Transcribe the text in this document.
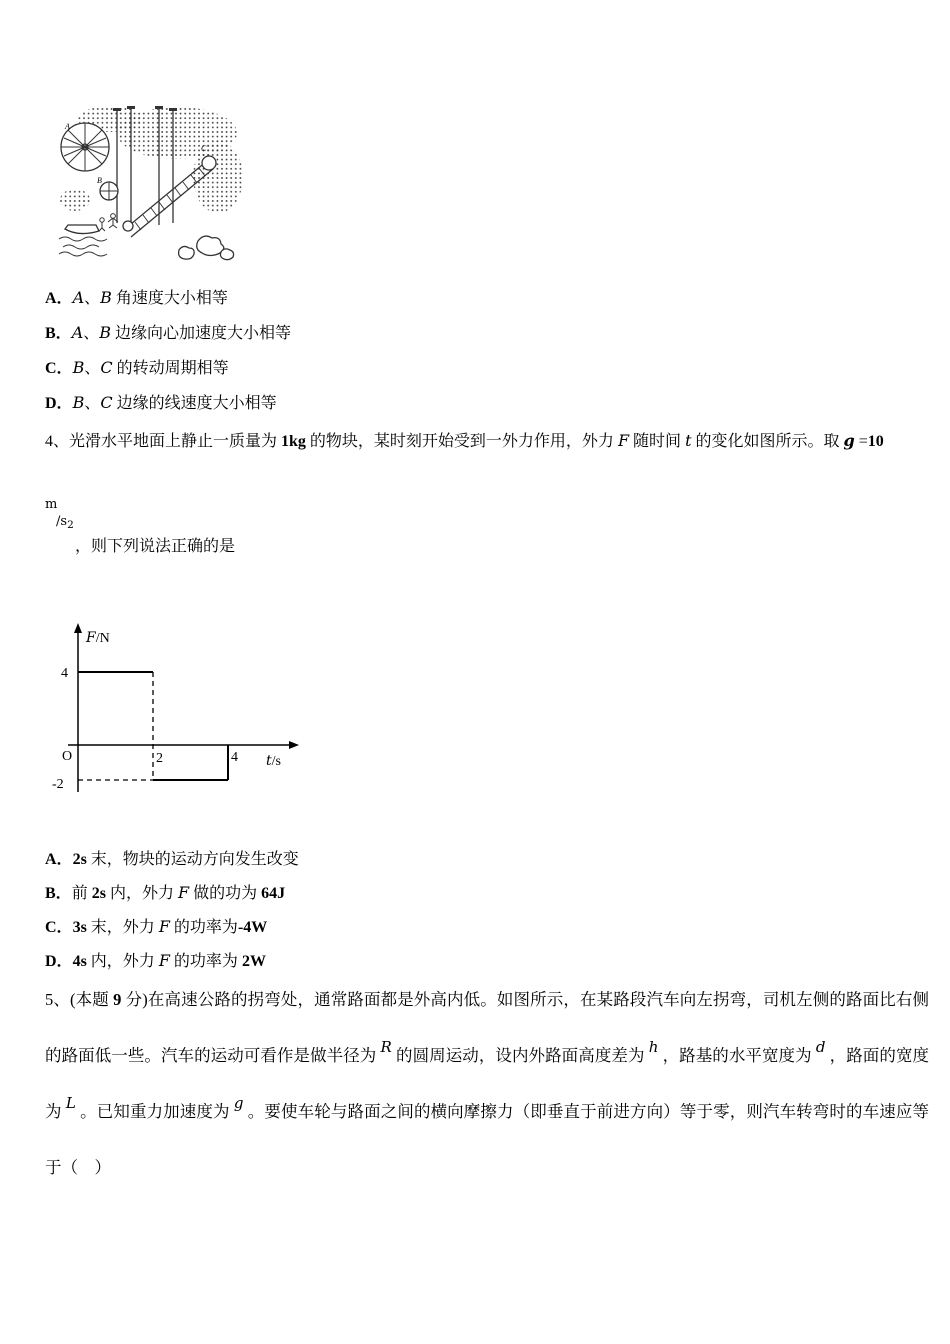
A
B
C
A．A、B 角速度大小相等
B．A、B 边缘向心加速度大小相等
C．B、C 的转动周期相等
D．B、C 边缘的线速度大小相等
4、光滑水平地面上静止一质量为 1kg 的物块，某时刻开始受到一外力作用，外力 F 随时间 t 的变化如图所示。取 g =10
m
$/s_2$
，则下列说法正确的是
F/N
4
O
-2
2	4 t/s
A．2s 末，物块的运动方向发生改变
B．前 2s 内，外力 F 做的功为 64J
C．3s 末，外力 F 的功率为-4W
D．4s 内，外力 F 的功率为 2W
5、(本题 9 分)在高速公路的拐弯处，通常路面都是外高内低。如图所示，在某路段汽车向左拐弯，司机左侧的路面比右侧的路面低一些。汽车的运动可看作是做半径为 R 的圆周运动，设内外路面高度差为 h ，路基的水平宽度为 d ，路面的宽度为 L 。已知重力加速度为 g 。要使车轮与路面之间的横向摩擦力（即垂直于前进方向）等于零，则汽车转弯时的车速应等于（　）
